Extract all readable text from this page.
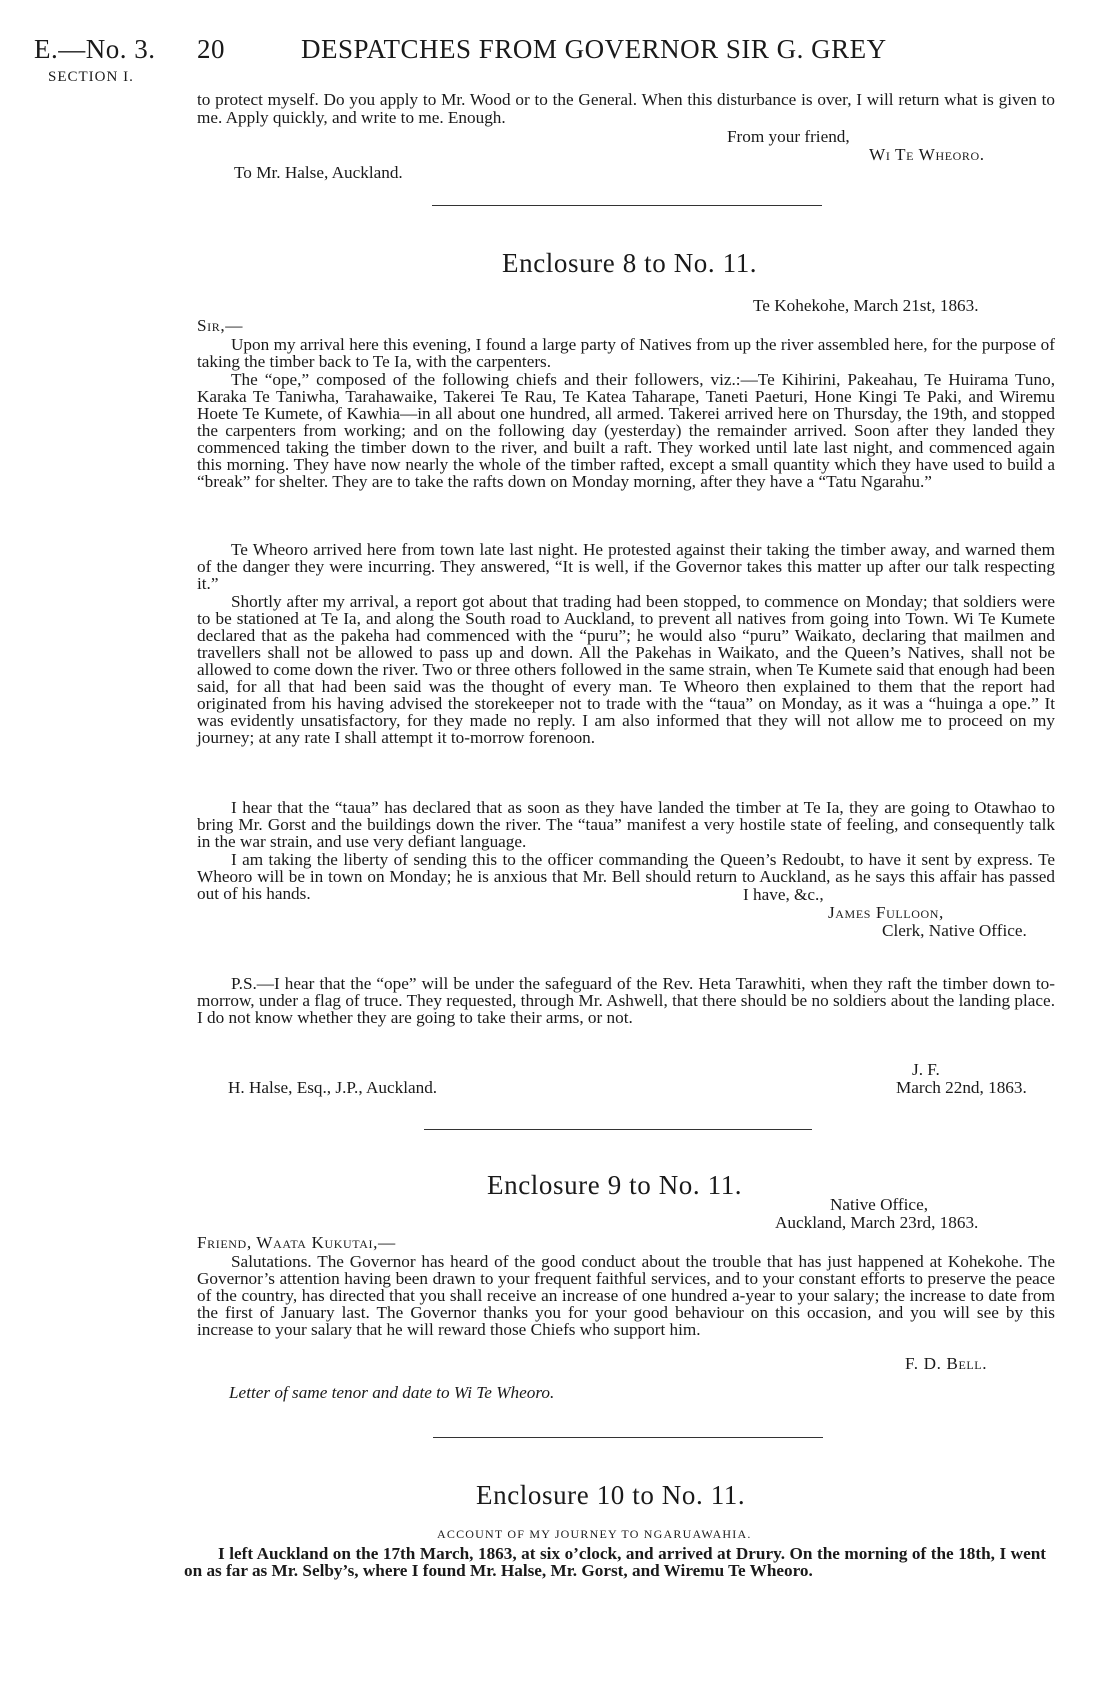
E.—No. 3. 20	DESPATCHES FROM GOVERNOR SIR G. GREY
SECTION I.

to protect myself. Do you apply to Mr. Wood or to the General. When this disturbance is over, I will return what is given to me. Apply quickly, and write to me. Enough.

From your friend,

Wi Te Wheoro.

To Mr. Halse, Auckland.

Enclosure 8 to No. 11.

Te Kohekohe, March 21st, 1863.

Sir,—

Upon my arrival here this evening, I found a large party of Natives from up the river assembled here, for the purpose of taking the timber back to Te Ia, with the carpenters.

The “ope,” composed of the following chiefs and their followers, viz.:—Te Kihirini, Pakeahau, Te Huirama Tuno, Karaka Te Taniwha, Tarahawaike, Takerei Te Rau, Te Katea Taharape, Taneti Paeturi, Hone Kingi Te Paki, and Wiremu Hoete Te Kumete, of Kawhia—in all about one hundred, all armed. Takerei arrived here on Thursday, the 19th, and stopped the carpenters from working; and on the following day (yesterday) the remainder arrived. Soon after they landed they commenced taking the timber down to the river, and built a raft. They worked until late last night, and commenced again this morning. They have now nearly the whole of the timber rafted, except a small quantity which they have used to build a “break” for shelter. They are to take the rafts down on Monday morning, after they have a “Tatu Ngarahu.”

Te Wheoro arrived here from town late last night. He protested against their taking the timber away, and warned them of the danger they were incurring. They answered, “It is well, if the Governor takes this matter up after our talk respecting it.”

Shortly after my arrival, a report got about that trading had been stopped, to commence on Monday; that soldiers were to be stationed at Te Ia, and along the South road to Auckland, to prevent all natives from going into Town. Wi Te Kumete declared that as the pakeha had commenced with the “puru”; he would also “puru” Waikato, declaring that mailmen and travellers shall not be allowed to pass up and down. All the Pakehas in Waikato, and the Queen’s Natives, shall not be allowed to come down the river. Two or three others followed in the same strain, when Te Kumete said that enough had been said, for all that had been said was the thought of every man. Te Wheoro then explained to them that the report had originated from his having advised the storekeeper not to trade with the “taua” on Monday, as it was a “huinga a ope.” It was evidently unsatisfactory, for they made no reply. I am also informed that they will not allow me to proceed on my journey; at any rate I shall attempt it to-morrow forenoon.

I hear that the “taua” has declared that as soon as they have landed the timber at Te Ia, they are going to Otawhao to bring Mr. Gorst and the buildings down the river. The “taua” manifest a very hostile state of feeling, and consequently talk in the war strain, and use very defiant language.

I am taking the liberty of sending this to the officer commanding the Queen’s Redoubt, to have it sent by express. Te Wheoro will be in town on Monday; he is anxious that Mr. Bell should return to Auckland, as he says this affair has passed out of his hands.	I have, &c.,

James Fulloon,

Clerk, Native Office.

P.S.—I hear that the “ope” will be under the safeguard of the Rev. Heta Tarawhiti, when they raft the timber down to-morrow, under a flag of truce. They requested, through Mr. Ashwell, that there should be no soldiers about the landing place. I do not know whether they are going to take their arms, or not.

J. F.

H. Halse, Esq., J.P., Auckland.	March 22nd, 1863.

Enclosure 9 to No. 11.

Native Office,

Auckland, March 23rd, 1863.

Friend, Waata Kukutai,—

Salutations. The Governor has heard of the good conduct about the trouble that has just happened at Kohekohe. The Governor’s attention having been drawn to your frequent faithful services, and to your constant efforts to preserve the peace of the country, has directed that you shall receive an increase of one hundred a-year to your salary; the increase to date from the first of January last. The Governor thanks you for your good behaviour on this occasion, and you will see by this increase to your salary that he will reward those Chiefs who support him.

F. D. Bell.

Letter of same tenor and date to Wi Te Wheoro.

Enclosure 10 to No. 11.

ACCOUNT OF MY JOURNEY TO NGARUAWAHIA.

I left Auckland on the 17th March, 1863, at six o’clock, and arrived at Drury. On the morning of the 18th, I went on as far as Mr. Selby’s, where I found Mr. Halse, Mr. Gorst, and Wiremu Te Wheoro.
